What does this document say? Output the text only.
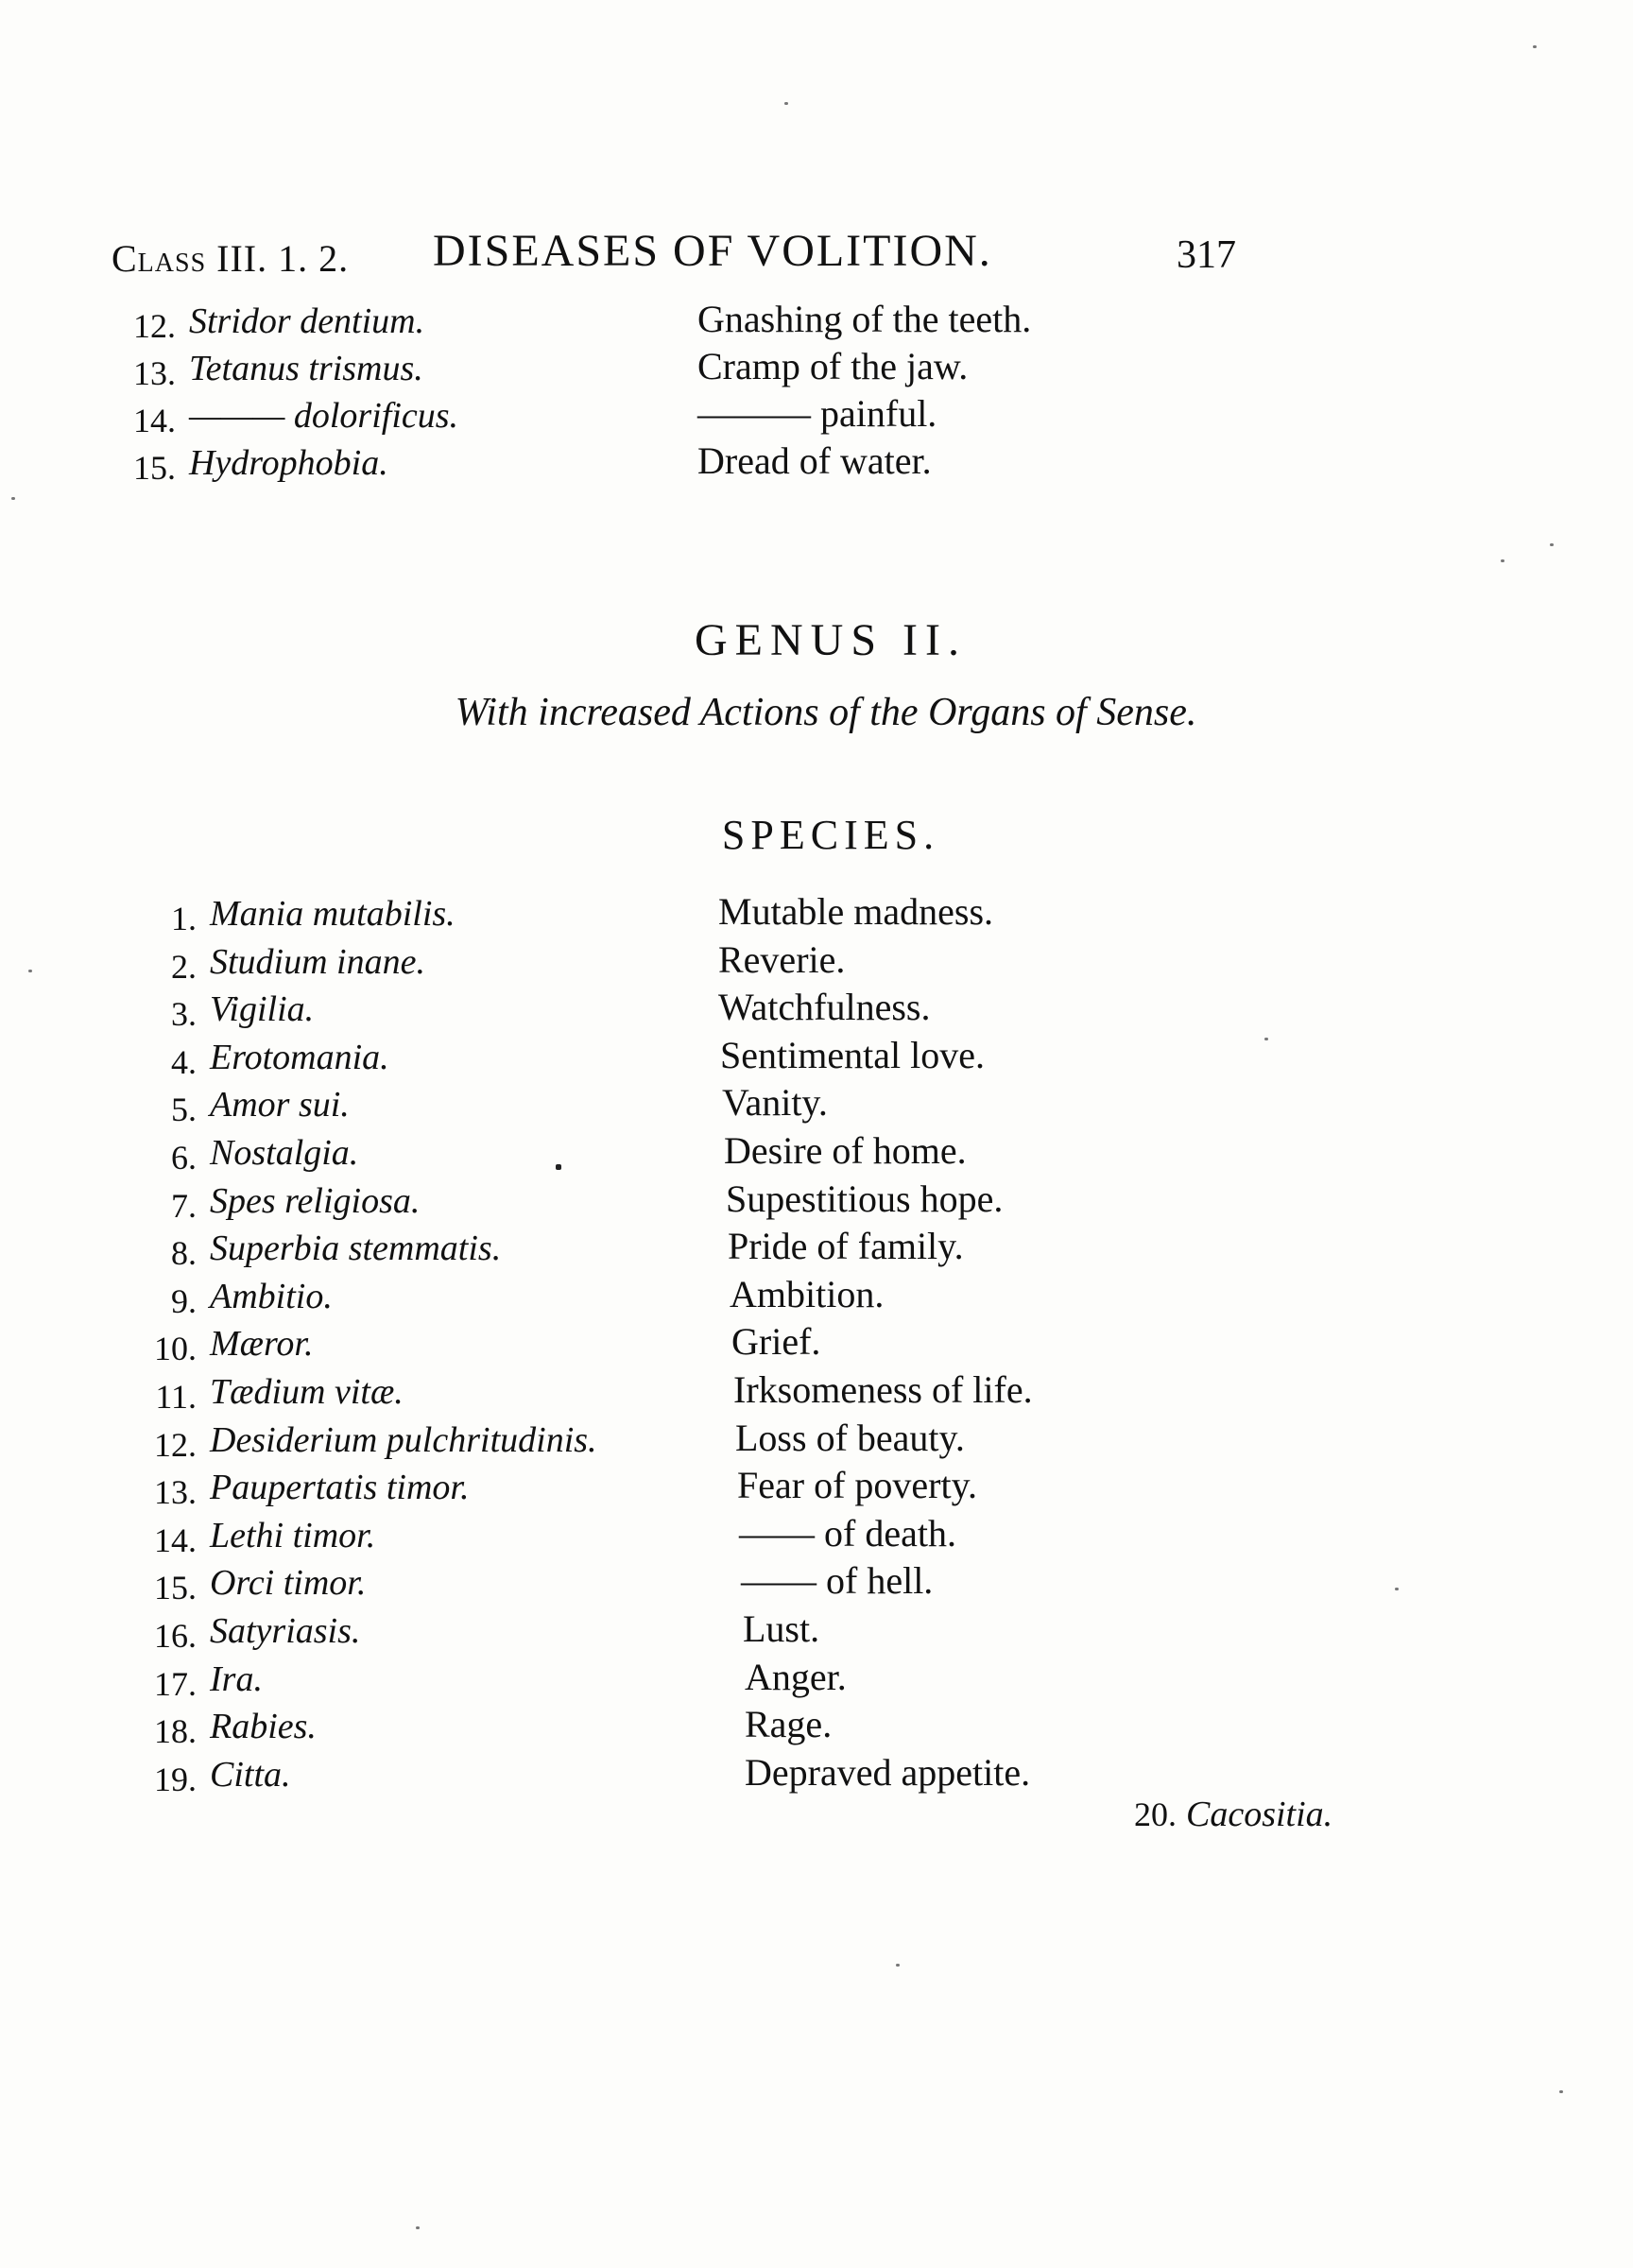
Class III. 1. 2. DISEASES OF VOLITION.	317
12. Stridor dentium.	Gnashing of the teeth.
13. Tetanus trismus.	Cramp of the jaw.
14. ——— dolorificus.	——— painful.
15. Hydrophobia.	Dread of water.
GENUS II.
With increased Actions of the Organs of Sense.
SPECIES.
1. Mania mutabilis.	Mutable madness.
2. Studium inane.	Reverie.
3. Vigilia.	Watchfulness.
4. Erotomania.	Sentimental love.
5. Amor sui.	Vanity.
6. Nostalgia.	Desire of home.
7. Spes religiosa.	Supestitious hope.
8. Superbia stemmatis.	Pride of family.
9. Ambitio.	Ambition.
10. Mæror.	Grief.
11. Tædium vitæ.	Irksomeness of life.
12. Desiderium pulchritudinis.	Loss of beauty.
13. Paupertatis timor.	Fear of poverty.
14. Lethi timor.	—— of death.
15. Orci timor.	—— of hell.
16. Satyriasis.	Lust.
17. Ira.	Anger.
18. Rabies.	Rage.
19. Citta.	Depraved appetite.
20. Cacositia.
